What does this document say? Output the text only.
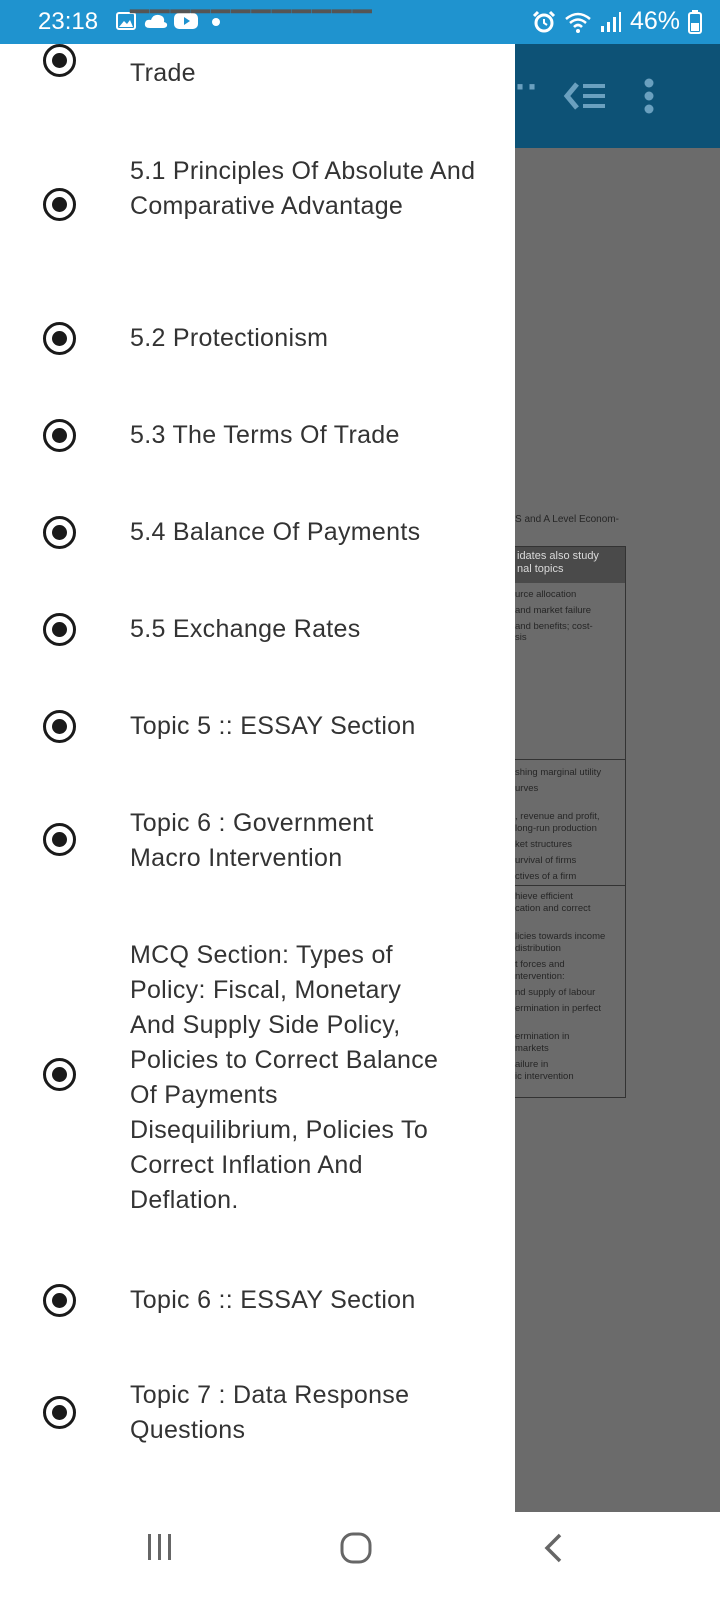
23:18	46%
··
S and A Level Econom-
idates also study
nal topics
urce allocation
and market failure
and benefits; cost-
sis
shing marginal utility
urves
, revenue and profit,
long-run production
ket structures
urvival of firms
ctives of a firm
hieve efficient
cation and correct
licies towards income
distribution
t forces and
ntervention:
nd supply of labour
ermination in perfect
ermination in
markets
ailure in
ic intervention
▔▔▔▔▔▔▔▔▔▔▔▔
Trade
5.1 Principles Of Absolute And Comparative Advantage
5.2 Protectionism
5.3 The Terms Of Trade
5.4 Balance Of Payments
5.5 Exchange Rates
Topic 5 :: ESSAY Section
Topic 6 : Government Macro Intervention
MCQ Section: Types of Policy: Fiscal, Monetary And Supply Side Policy, Policies to Correct Balance Of Payments Disequilibrium, Policies To Correct Inflation And Deflation.
Topic 6 :: ESSAY Section
Topic 7 : Data Response Questions
